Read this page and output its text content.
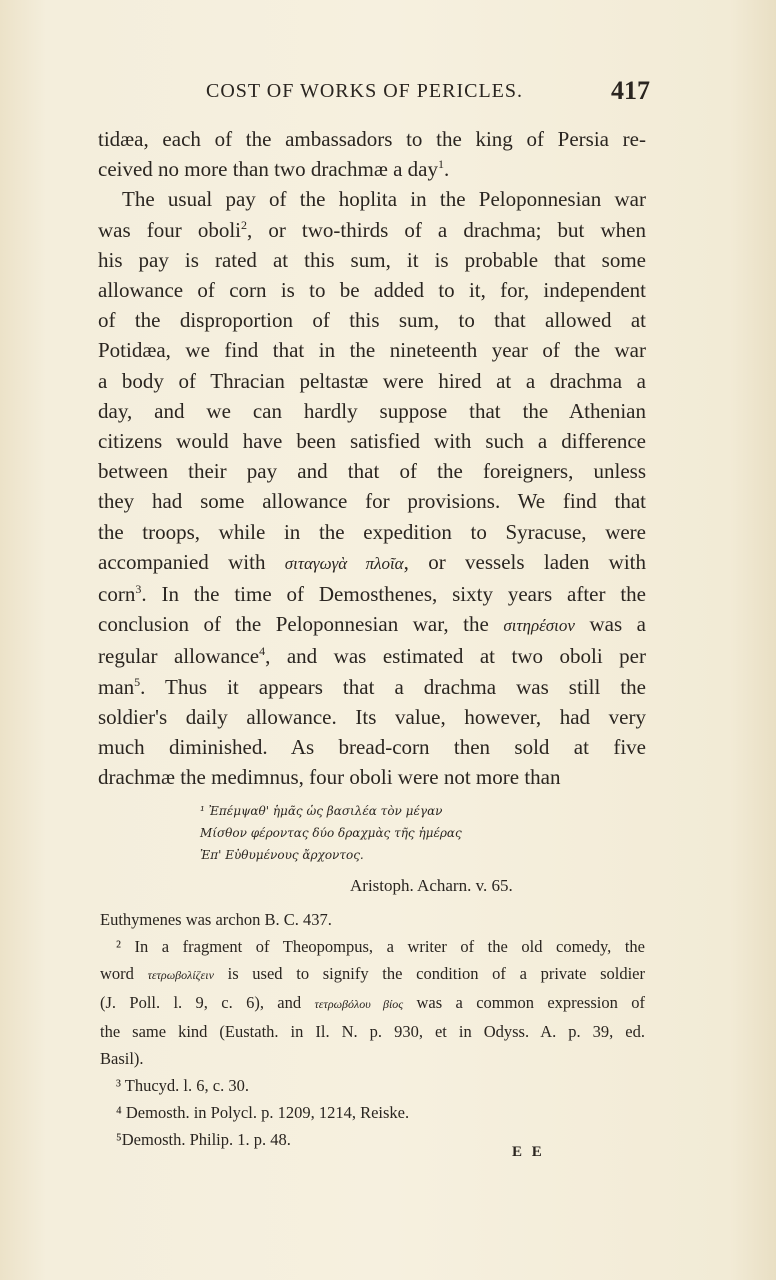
COST OF WORKS OF PERICLES.	417
tidæa, each of the ambassadors to the king of Persia re-
ceived no more than two drachmæ a day$^1$.
The usual pay of the hoplita in the Peloponnesian war
was four oboli$^2$, or two-thirds of a drachma; but when
his pay is rated at this sum, it is probable that some
allowance of corn is to be added to it, for, independent
of the disproportion of this sum, to that allowed at
Potidæa, we find that in the nineteenth year of the war
a body of Thracian peltastæ were hired at a drachma a
day, and we can hardly suppose that the Athenian
citizens would have been satisfied with such a difference
between their pay and that of the foreigners, unless
they had some allowance for provisions. We find that
the troops, while in the expedition to Syracuse, were
accompanied with σιταγωγὰ πλοῖα, or vessels laden with
corn$^3$. In the time of Demosthenes, sixty years after the
conclusion of the Peloponnesian war, the σιτηρέσιον was a
regular allowance$^4$, and was estimated at two oboli per
man$^5$. Thus it appears that a drachma was still the
soldier's daily allowance. Its value, however, had very
much diminished. As bread-corn then sold at five
drachmæ the medimnus, four oboli were not more than
¹ Ἐπέμψαθ' ἡμᾶς ὡς βασιλέα τὸν μέγαν
Μίσθον φέροντας δύο δραχμὰς τῆς ἡμέρας
Ἐπ' Εὐθυμένους ἄρχοντος.
Aristoph. Acharn. v. 65.
Euthymenes was archon B. C. 437.
² In a fragment of Theopompus, a writer of the old comedy, the
word τετρωβολίζειν is used to signify the condition of a private soldier
(J. Poll. l. 9, c. 6), and τετρωβόλου βίος was a common expression of
the same kind (Eustath. in Il. N. p. 930, et in Odyss. A. p. 39, ed.
Basil).
³ Thucyd. l. 6, c. 30.
⁴ Demosth. in Polycl. p. 1209, 1214, Reiske.
⁵Demosth. Philip. 1. p. 48.
E E
